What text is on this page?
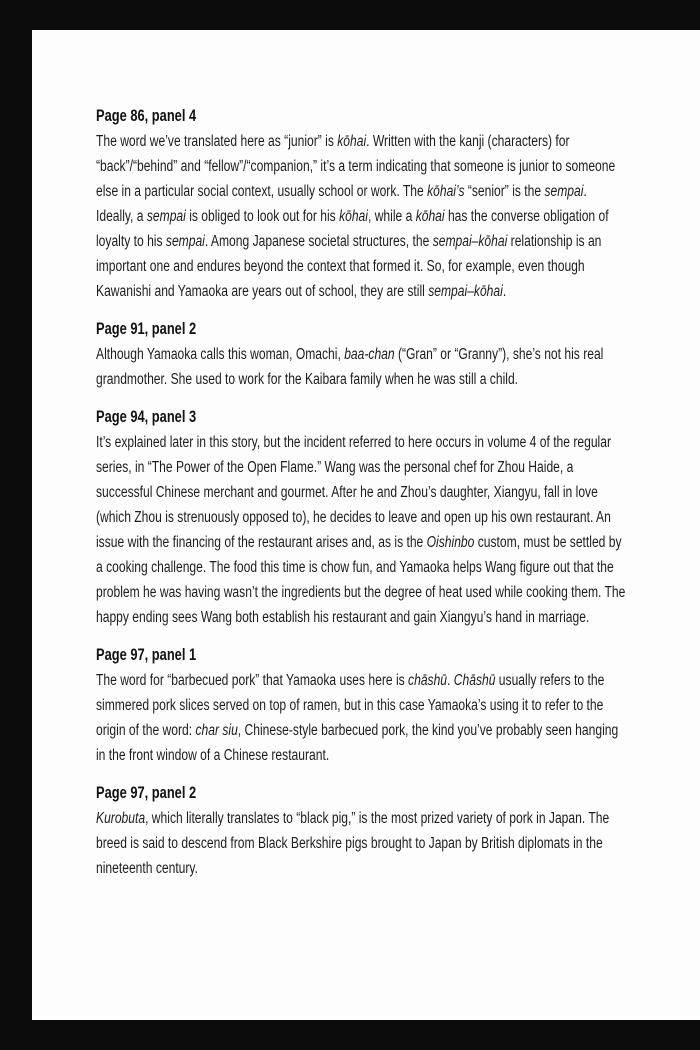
Page 86, panel 4

The word we’ve translated here as “junior” is kōhai. Written with the kanji (characters) for “back”/“behind” and “fellow”/“companion,” it’s a term indicating that someone is junior to someone else in a particular social context, usually school or work. The kōhai’s “senior” is the sempai. Ideally, a sempai is obliged to look out for his kōhai, while a kōhai has the converse obligation of loyalty to his sempai. Among Japanese societal structures, the sempai–kōhai relationship is an important one and endures beyond the context that formed it. So, for example, even though Kawanishi and Yamaoka are years out of school, they are still sempai–kōhai.

Page 91, panel 2

Although Yamaoka calls this woman, Omachi, baa-chan (“Gran” or “Granny”), she’s not his real grandmother. She used to work for the Kaibara family when he was still a child.

Page 94, panel 3

It’s explained later in this story, but the incident referred to here occurs in volume 4 of the regular series, in “The Power of the Open Flame.” Wang was the personal chef for Zhou Haide, a successful Chinese merchant and gourmet. After he and Zhou’s daughter, Xiangyu, fall in love (which Zhou is strenuously opposed to), he decides to leave and open up his own restaurant. An issue with the financing of the restaurant arises and, as is the Oishinbo custom, must be settled by a cooking challenge. The food this time is chow fun, and Yamaoka helps Wang figure out that the problem he was having wasn’t the ingredients but the degree of heat used while cooking them. The happy ending sees Wang both establish his restaurant and gain Xiangyu’s hand in marriage.

Page 97, panel 1

The word for “barbecued pork” that Yamaoka uses here is chāshū. Chāshū usually refers to the simmered pork slices served on top of ramen, but in this case Yamaoka’s using it to refer to the origin of the word: char siu, Chinese-style barbecued pork, the kind you’ve probably seen hanging in the front window of a Chinese restaurant.

Page 97, panel 2

Kurobuta, which literally translates to “black pig,” is the most prized variety of pork in Japan. The breed is said to descend from Black Berkshire pigs brought to Japan by British diplomats in the nineteenth century.
